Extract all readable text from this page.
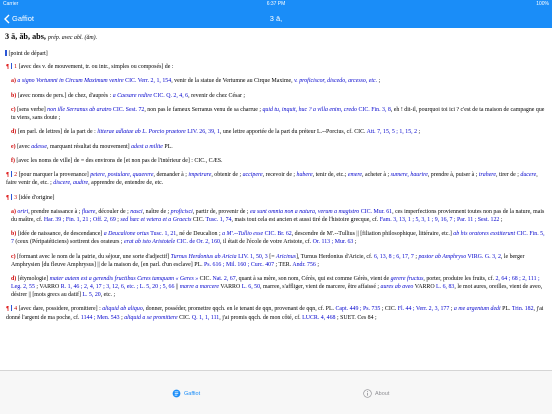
Carrier	6:37 PM	100%
Gaffiot	3 ā,
3 ā, ăb, abs, prép. avec abl. (ăm).
[point de départ]
¶ 1 [avec des v. de mouvement, tr. ou intr., simples ou composés] de :
a) a signo Vortumni in Circum Maximum venire CIC. Verr. 2, 1, 154, venir de la statue de Vertumne au Cirque Maxime, v. proficiscor, discedo, arcesso, etc. ;
b) [avec noms de pers.] de chez, d'auprès : a Caesare redire CIC. Q. 2, 4, 6, revenir de chez César ;
c) [sens verbe] non ille Serranus ab aratro CIC. Sest. 72, non pas le fameux Serranus venu de sa charrue ; quid tu, inquit, huc ? a villa enim, credo CIC. Fin. 3, 8, eh ! dit-il, pourquoi toi ici ? c'est de ta maison de campagne que tu viens, sans doute ;
d) [en parl. de lettres] de la part de : litterae adlatae ab L. Porcio praetore LIV. 26, 39, 1, une lettre apportée de la part du préteur L.--Porcius, cf. CIC. Att. 7, 15, 5 ; 1, 15, 2 ;
e) [avec adesse, marquant résultat du mouvement] adest a milite PL.
f) [avec les noms de ville] de = des environs de [et non pas de l'intérieur de] : CIC., CÆS.
¶ 2 [pour marquer la provenance] petere, postulare, quaerere, demander à ; impetrare, obtenir de ; accipere, recevoir de ; habere, tenir de, etc.; emere, acheter à ; sumere, haurire, prendre à, puiser à ; trahere, tirer de ; ducere, faire venir de, etc. ; discere, audire, apprendre de, entendre de, etc.
¶ 3 [idée d'origine]
a) oriri, prendre naissance à ; fluere, découler de ; nasci, naître de ; proficisci, partir de, provenir de ; ea sunt omnia non a natura, verum a magistro CIC. Mur. 61, ces imperfections proviennent toutes non pas de la nature, mais du maître, cf. Har. 39 ; Fin. 1, 21 ; Off. 2, 69 ; sed hæc et vetera et a Graecis CIC. Tusc. 1, 74, mais tout cela est ancien et aussi tiré de l'histoire grecque, cf. Fam. 3, 13, 1 ; 5, 3, 1 ; 9, 16, 7 ; Par. 11 ; Sest. 122 ;
b) [idée de naissance, de descendance] a Deucalione ortus Tusc. 1, 21, né de Deucalion ; a M'.--Tullio esse CIC. Br. 62, descendre de M'.--Tullius || [filiation philosophique, littéraire, etc.] ab his oratores exstiterunt CIC. Fin. 5, 7 (ceux (Péripatéticiens) sortirent des orateurs ; erat ab isto Aristotele CIC. de Or. 2, 160, il était de l'école de votre Aristote, cf. Or. 113 ; Mur. 63 ;
c) [formant avec le nom de la patrie, du séjour, une sorte d'adjectif] Turnus Herdonius ab Aricia LIV. 1, 50, 3 [= Aricinus], Turnus Herdonius d'Aricie, cf. 6, 13, 8 ; 6, 17, 7 ; pastor ab Amphryso VIRG. G. 3, 2, le berger Amphrysien [du fleuve Amphrysus] || de la maison de, [en parl. d'un esclave] PL. Ps. 616 ; Mil. 160 ; Curc. 407 ; TER. Andr. 756 ;
d) [étymologie] mater autem est a gerendis fructibus Ceres tamquam « Geres » CIC. Nat. 2, 67, quant à sa mère, son nom, Cérès, qui est comme Gérès, vient de gerere fructus, porter, produire les fruits, cf. 2, 64 ; 68 ; 2, 111 ; Leg. 2, 55 ; VARRO R. 1, 46 ; 2, 4, 17 ; 3, 12, 6, etc. ; L. 5, 20 ; 5, 66 || marre a marcere VARRO L. 6, 50, marree, s'affliger, vient de marcere, être affaissé ; aures ab aveo VARRO L. 6, 83, le mot aures, oreilles, vient de aveo, désirer || [mots grecs au datif] L. 5, 20, etc. ;
¶ 4 [avec dare, possidere, promittere] : aliquid ab aliquo, donner, posséder, promettre qqch. en le tenant de qqn, provenant de qqn, cf. PL. Capt. 449 ; Ps. 735 ; CIC. Fl. 44 ; Verr. 2, 3, 177 ; a me argentum dedi PL. Trin. 182, j'ai donné l'argent de ma poche, cf. 1144 ; Men. 543 ; aliquid a se promittere CIC. Q. 1, 1, 111, j'ai promis qqch. de mon côté, cf. LUCR. 4, 468 ; SUET. Ces 84 ;
Gaffiot	About
